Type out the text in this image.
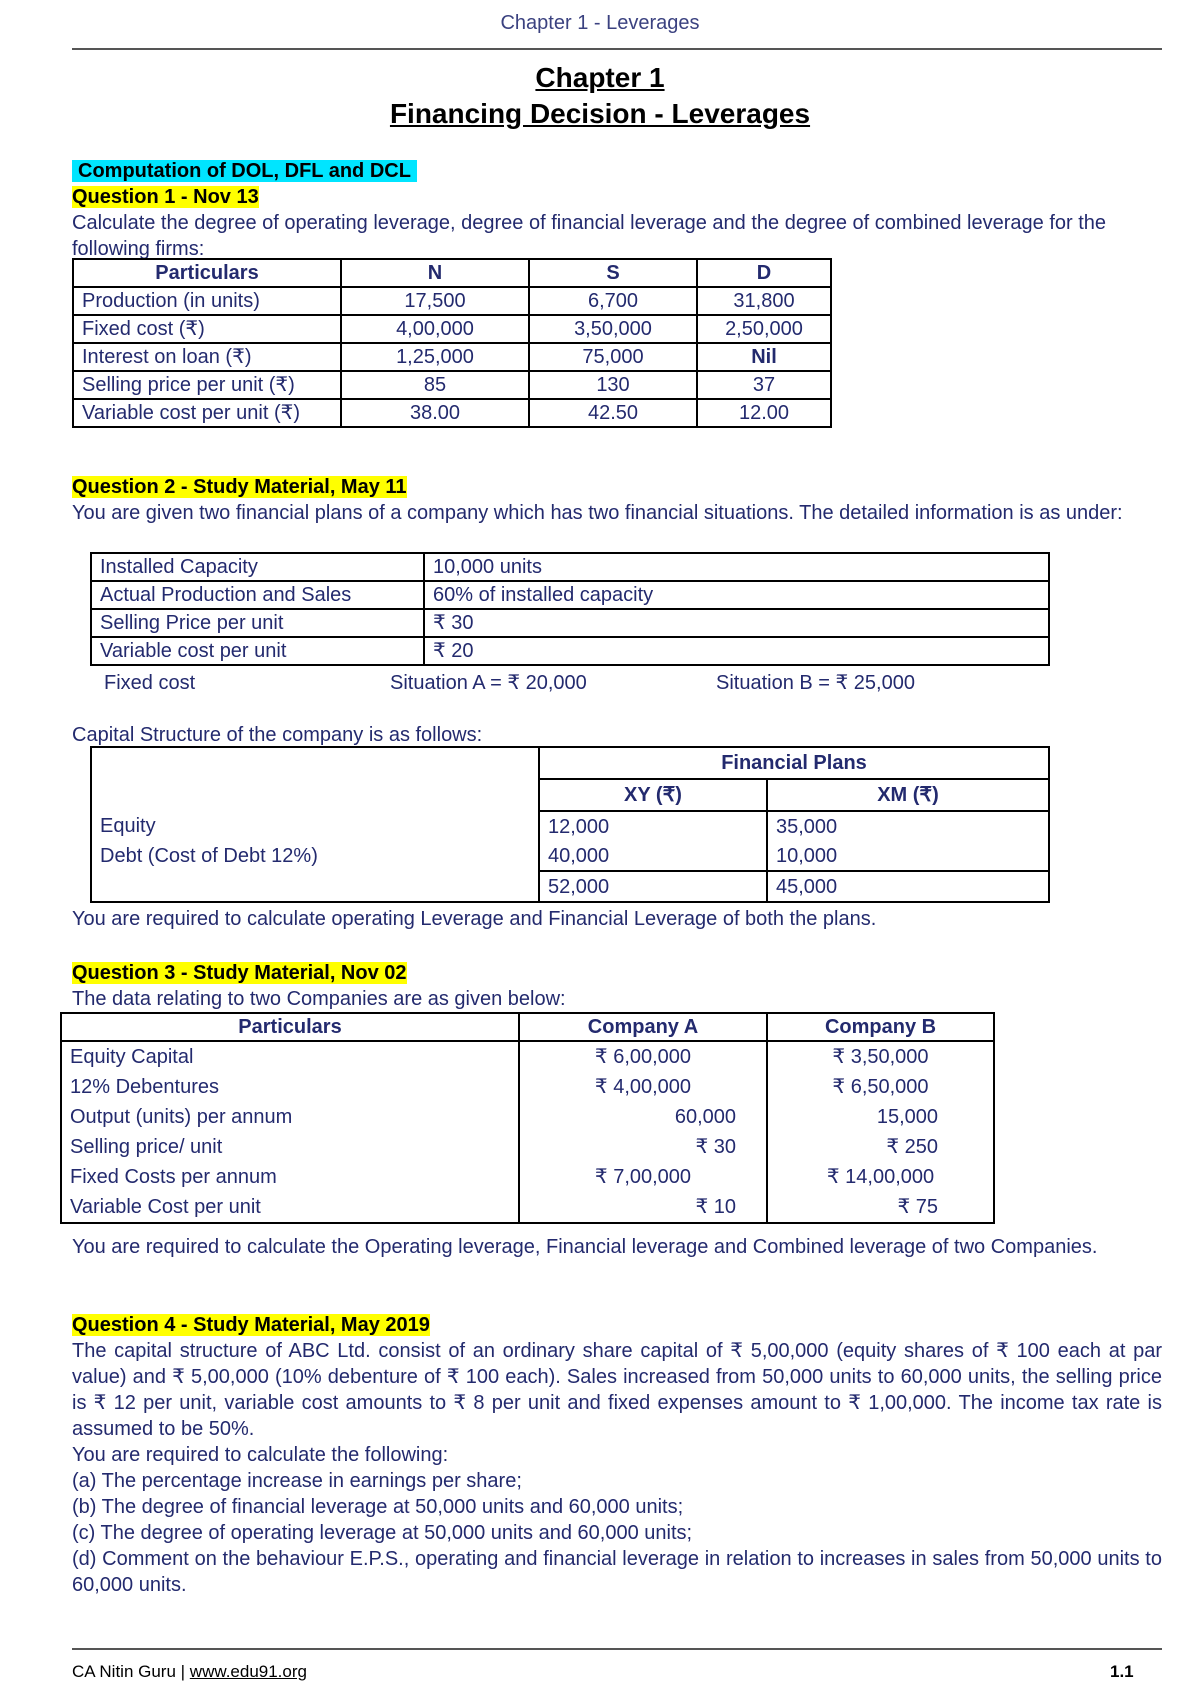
Chapter 1 - Leverages
Chapter 1
Financing Decision - Leverages
Computation of DOL, DFL and DCL
Question 1 - Nov 13
Calculate the degree of operating leverage, degree of financial leverage and the degree of combined leverage for the following firms:
Particulars	N	S	D
Production (in units)	17,500	6,700	31,800
Fixed cost (₹)	4,00,000	3,50,000	2,50,000
Interest on loan (₹)	1,25,000	75,000	Nil
Selling price per unit (₹)	85	130	37
Variable cost per unit (₹)	38.00	42.50	12.00
Question 2 - Study Material, May 11
You are given two financial plans of a company which has two financial situations. The detailed information is as under:
Installed Capacity	10,000 units
Actual Production and Sales	60% of installed capacity
Selling Price per unit	₹ 30
Variable cost per unit	₹ 20
Fixed cost	Situation A = ₹ 20,000	Situation B = ₹ 25,000
Capital Structure of the company is as follows:
	Financial Plans	
	XY (₹)	XM (₹)
Equity	12,000	35,000
Debt (Cost of Debt 12%)	40,000	10,000
	52,000	45,000
You are required to calculate operating Leverage and Financial Leverage of both the plans.
Question 3 - Study Material, Nov 02
The data relating to two Companies are as given below:
Particulars	Company A	Company B
Equity Capital	₹ 6,00,000	₹ 3,50,000
12% Debentures	₹ 4,00,000	₹ 6,50,000
Output (units) per annum	60,000	15,000
Selling price/ unit	₹ 30	₹ 250
Fixed Costs per annum	₹ 7,00,000	₹ 14,00,000
Variable Cost per unit	₹ 10	₹ 75
You are required to calculate the Operating leverage, Financial leverage and Combined leverage of two Companies.
Question 4 - Study Material, May 2019
The capital structure of ABC Ltd. consist of an ordinary share capital of ₹ 5,00,000 (equity shares of ₹ 100 each at par value) and ₹ 5,00,000 (10% debenture of ₹ 100 each). Sales increased from 50,000 units to 60,000 units, the selling price is ₹ 12 per unit, variable cost amounts to ₹ 8 per unit and fixed expenses amount to ₹ 1,00,000. The income tax rate is assumed to be 50%.
You are required to calculate the following:
(a) The percentage increase in earnings per share;
(b) The degree of financial leverage at 50,000 units and 60,000 units;
(c) The degree of operating leverage at 50,000 units and 60,000 units;
(d) Comment on the behaviour E.P.S., operating and financial leverage in relation to increases in sales from 50,000 units to 60,000 units.
CA Nitin Guru | www.edu91.org	1.1
